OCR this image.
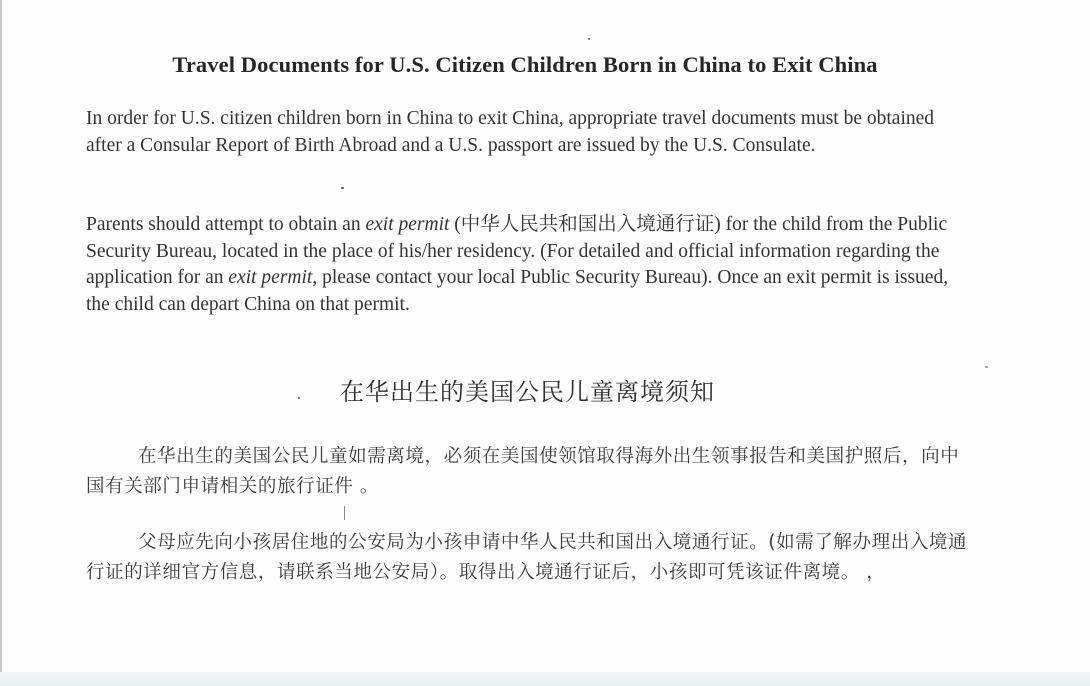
Travel Documents for U.S. Citizen Children Born in China to Exit China

In order for U.S. citizen children born in China to exit China, appropriate travel documents must be obtained after a Consular Report of Birth Abroad and a U.S. passport are issued by the U.S. Consulate.

Parents should attempt to obtain an exit permit (中华人民共和国出入境通行证) for the child from the Public Security Bureau, located in the place of his/her residency. (For detailed and official information regarding the application for an exit permit, please contact your local Public Security Bureau). Once an exit permit is issued, the child can depart China on that permit.

在华出生的美国公民儿童离境须知

在华出生的美国公民儿童如需离境，必须在美国使领馆取得海外出生领事报告和美国护照后，向中国有关部门申请相关的旅行证件 。

父母应先向小孩居住地的公安局为小孩申请中华人民共和国出入境通行证。(如需了解办理出入境通行证的详细官方信息，请联系当地公安局）。取得出入境通行证后，小孩即可凭该证件离境。 ，
